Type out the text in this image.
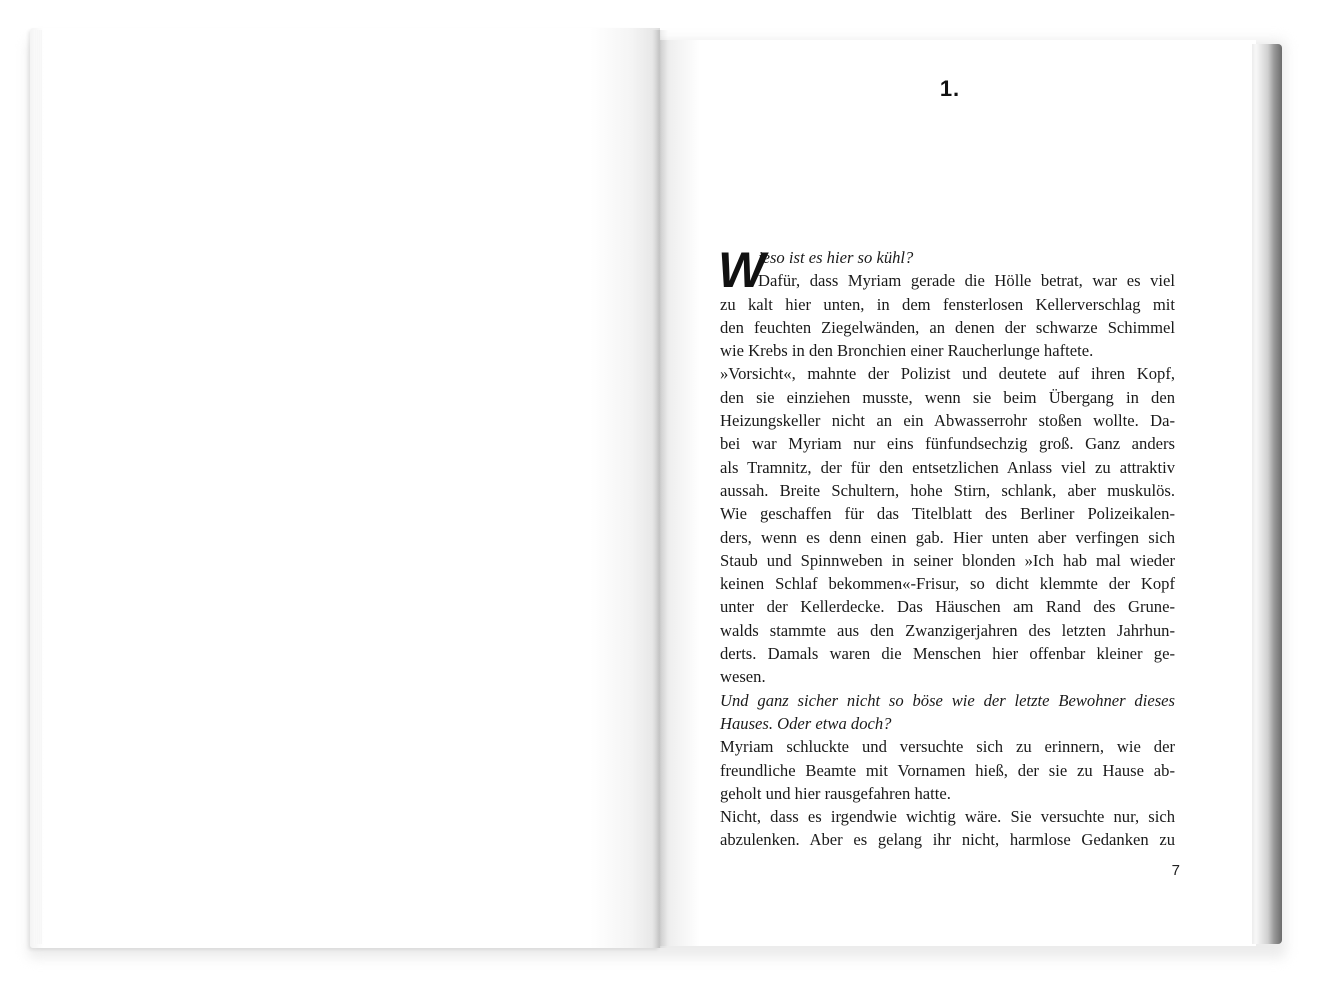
1.
W
ieso ist es hier so kühl?
Dafür, dass Myriam gerade die Hölle betrat, war es viel
zu kalt hier unten, in dem fensterlosen Kellerverschlag mit
den feuchten Ziegelwänden, an denen der schwarze Schimmel
wie Krebs in den Bronchien einer Raucherlunge haftete.
»Vorsicht«, mahnte der Polizist und deutete auf ihren Kopf,
den sie einziehen musste, wenn sie beim Übergang in den
Heizungskeller nicht an ein Abwasserrohr stoßen wollte. Da-
bei war Myriam nur eins fünfundsechzig groß. Ganz anders
als Tramnitz, der für den entsetzlichen Anlass viel zu attraktiv
aussah. Breite Schultern, hohe Stirn, schlank, aber muskulös.
Wie geschaffen für das Titelblatt des Berliner Polizeikalen-
ders, wenn es denn einen gab. Hier unten aber verfingen sich
Staub und Spinnweben in seiner blonden »Ich hab mal wieder
keinen Schlaf bekommen«-Frisur, so dicht klemmte der Kopf
unter der Kellerdecke. Das Häuschen am Rand des Grune-
walds stammte aus den Zwanzigerjahren des letzten Jahrhun-
derts. Damals waren die Menschen hier offenbar kleiner ge-
wesen.
Und ganz sicher nicht so böse wie der letzte Bewohner dieses
Hauses. Oder etwa doch?
Myriam schluckte und versuchte sich zu erinnern, wie der
freundliche Beamte mit Vornamen hieß, der sie zu Hause ab-
geholt und hier rausgefahren hatte.
Nicht, dass es irgendwie wichtig wäre. Sie versuchte nur, sich
abzulenken. Aber es gelang ihr nicht, harmlose Gedanken zu
7
